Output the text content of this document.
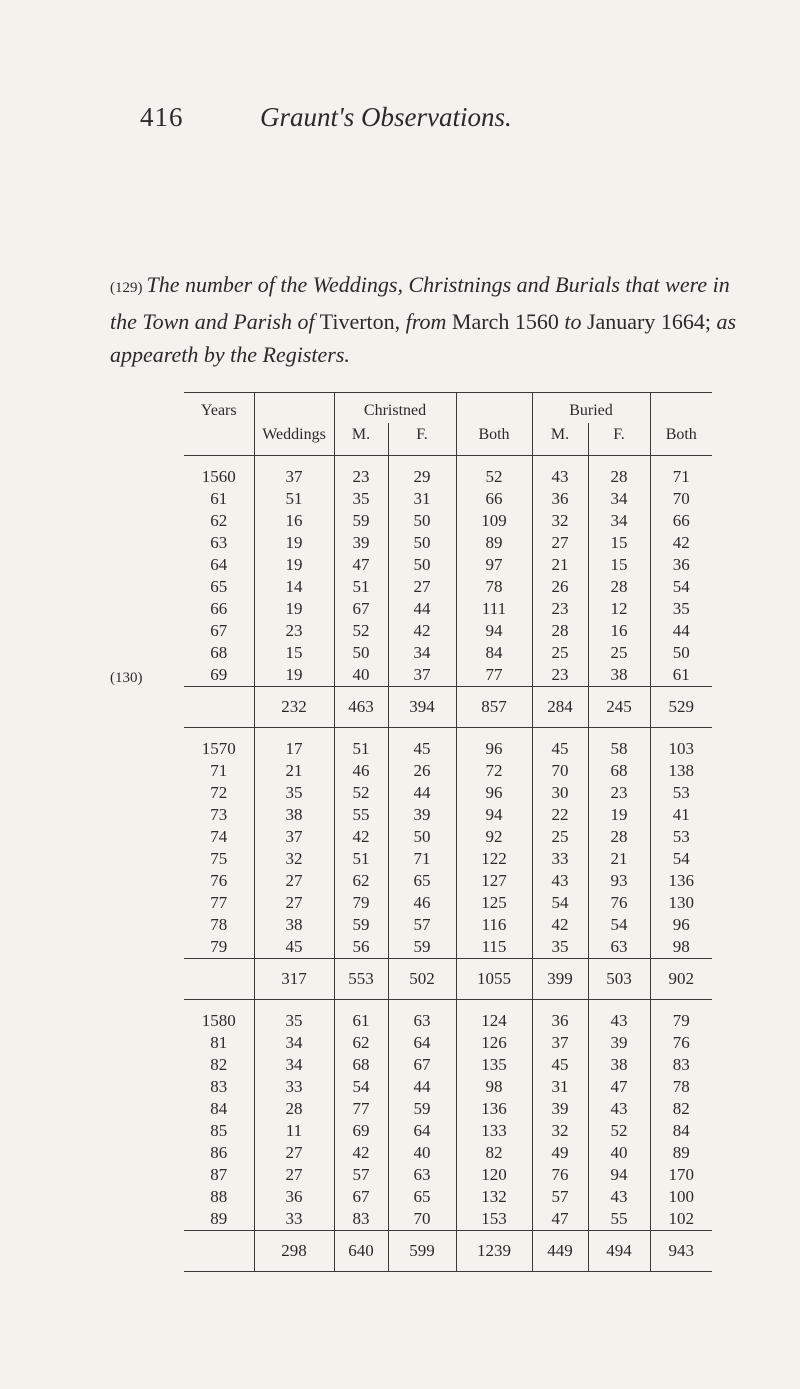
416	Graunt's Observations.
(129) The number of the Weddings, Christnings and Burials that were in the Town and Parish of Tiverton, from March 1560 to January 1664; as appeareth by the Registers.
(130)
Years		Christned			Buried		
	Weddings	M.	F.	Both	M.	F.	Both
1560	37	23	29	52	43	28	71
61	51	35	31	66	36	34	70
62	16	59	50	109	32	34	66
63	19	39	50	89	27	15	42
64	19	47	50	97	21	15	36
65	14	51	27	78	26	28	54
66	19	67	44	111	23	12	35
67	23	52	42	94	28	16	44
68	15	50	34	84	25	25	50
69	19	40	37	77	23	38	61
	232	463	394	857	284	245	529
1570	17	51	45	96	45	58	103
71	21	46	26	72	70	68	138
72	35	52	44	96	30	23	53
73	38	55	39	94	22	19	41
74	37	42	50	92	25	28	53
75	32	51	71	122	33	21	54
76	27	62	65	127	43	93	136
77	27	79	46	125	54	76	130
78	38	59	57	116	42	54	96
79	45	56	59	115	35	63	98
	317	553	502	1055	399	503	902
1580	35	61	63	124	36	43	79
81	34	62	64	126	37	39	76
82	34	68	67	135	45	38	83
83	33	54	44	98	31	47	78
84	28	77	59	136	39	43	82
85	11	69	64	133	32	52	84
86	27	42	40	82	49	40	89
87	27	57	63	120	76	94	170
88	36	67	65	132	57	43	100
89	33	83	70	153	47	55	102
	298	640	599	1239	449	494	943
